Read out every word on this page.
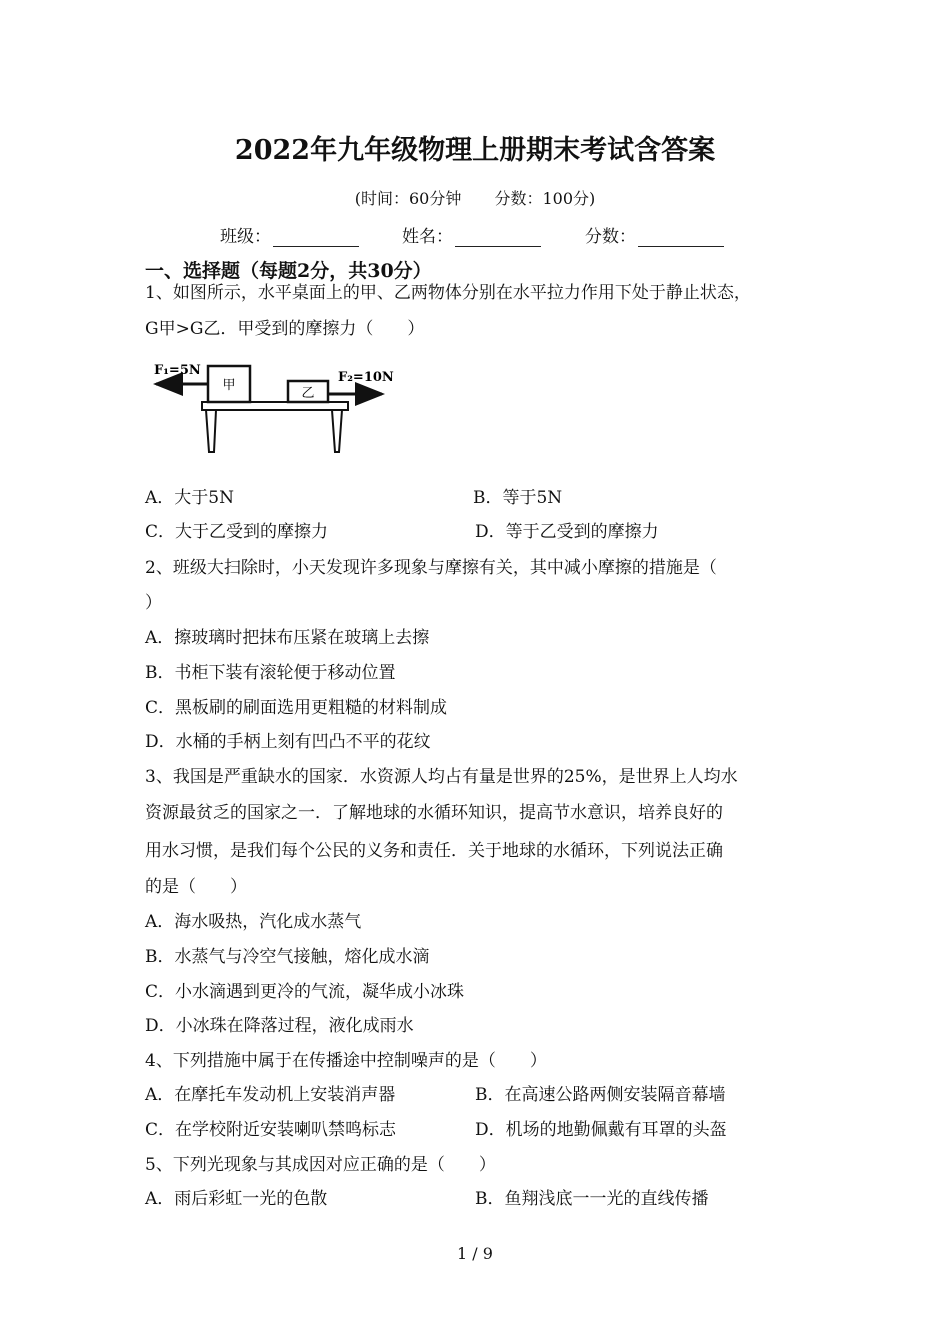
2022年九年级物理上册期末考试含答案
(时间：60分钟 分数：100分)
班级：	姓名：	分数：
一、选择题（每题2分，共30分）
1、如图所示，水平桌面上的甲、乙两物体分别在水平拉力作用下处于静止状态，
G甲>G乙．甲受到的摩擦力（　　）
甲
乙
F₁=5N	F₂=10N
A．大于5N	B．等于5N
C．大于乙受到的摩擦力	D．等于乙受到的摩擦力
2、班级大扫除时，小天发现许多现象与摩擦有关，其中减小摩擦的措施是（
）
A．擦玻璃时把抹布压紧在玻璃上去擦
B．书柜下装有滚轮便于移动位置
C．黑板刷的刷面选用更粗糙的材料制成
D．水桶的手柄上刻有凹凸不平的花纹
3、我国是严重缺水的国家．水资源人均占有量是世界的25%，是世界上人均水
资源最贫乏的国家之一．了解地球的水循环知识，提高节水意识，培养良好的
用水习惯，是我们每个公民的义务和责任．关于地球的水循环，下列说法正确
的是（　　）
A．海水吸热，汽化成水蒸气
B．水蒸气与冷空气接触，熔化成水滴
C．小水滴遇到更冷的气流，凝华成小冰珠
D．小冰珠在降落过程，液化成雨水
4、下列措施中属于在传播途中控制噪声的是（　　）
A．在摩托车发动机上安装消声器	B．在高速公路两侧安装隔音幕墙
C．在学校附近安装喇叭禁鸣标志	D．机场的地勤佩戴有耳罩的头盔
5、下列光现象与其成因对应正确的是（　　）
A．雨后彩虹一光的色散	B．鱼翔浅底一一光的直线传播
1 / 9
